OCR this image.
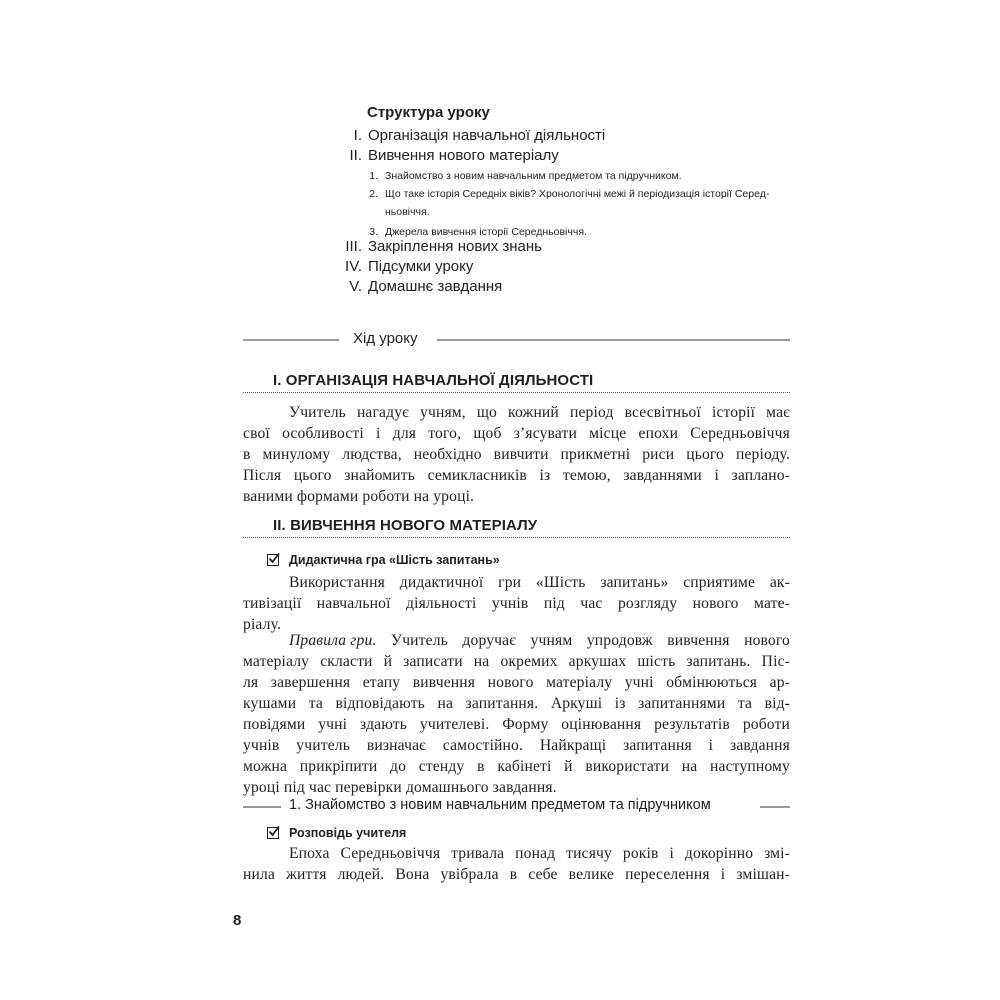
Структура уроку
I. Організація навчальної діяльності
II. Вивчення нового матеріалу
1. Знайомство з новим навчальним предметом та підручником.
2. Що таке історія Середніх віків? Хронологічні межі й періодизація історії Серед-
ньовіччя.
3. Джерела вивчення історії Середньовіччя.
III. Закріплення нових знань
IV. Підсумки уроку
V. Домашнє завдання
Хід уроку
I. ОРГАНІЗАЦІЯ НАВЧАЛЬНОЇ ДІЯЛЬНОСТІ
Учитель нагадує учням, що кожний період всесвітньої історії має
свої особливості і для того, щоб з’ясувати місце епохи Середньовіччя
в минулому людства, необхідно вивчити прикметні риси цього періоду.
Після цього знайомить семикласників із темою, завданнями і заплано-
ваними формами роботи на уроці.
II. ВИВЧЕННЯ НОВОГО МАТЕРІАЛУ
Дидактична гра «Шість запитань»
Використання дидактичної гри «Шість запитань» сприятиме ак-
тивізації навчальної діяльності учнів під час розгляду нового мате-
ріалу.
Правила гри. Учитель доручає учням упродовж вивчення нового
матеріалу скласти й записати на окремих аркушах шість запитань. Піс-
ля завершення етапу вивчення нового матеріалу учні обмінюються ар-
кушами та відповідають на запитання. Аркуші із запитаннями та від-
повідями учні здають учителеві. Форму оцінювання результатів роботи
учнів учитель визначає самостійно. Найкращі запитання і завдання
можна прикріпити до стенду в кабінеті й використати на наступному
уроці під час перевірки домашнього завдання.
1. Знайомство з новим навчальним предметом та підручником
Розповідь учителя
Епоха Середньовіччя тривала понад тисячу років і докорінно змі-
нила життя людей. Вона увібрала в себе велике переселення і змішан-
8
